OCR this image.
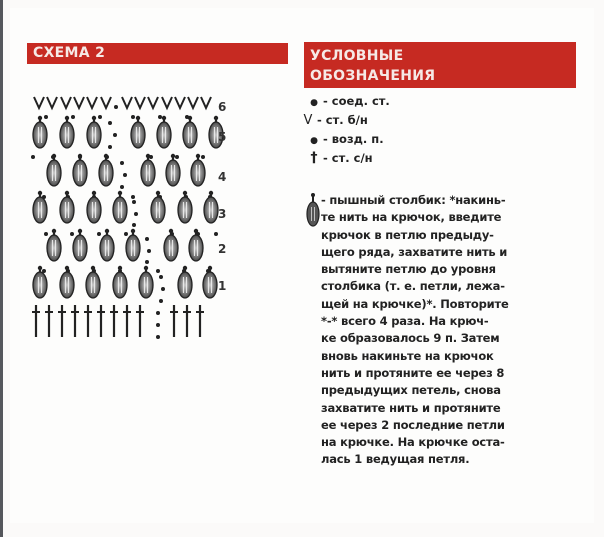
СХЕМА 2	УСЛОВНЫЕ
ОБОЗНАЧЕНИЯ
6
5
4
3
2
1
● - соед. ст.
V - ст. б/н
● - возд. п.
† - ст. с/н
- пышный столбик: *накинь-
те нить на крючок, введите
крючок в петлю предыду-
щего ряда, захватите нить и
вытяните петлю до уровня
столбика (т. е. петли, лежа-
щей на крючке)*. Повторите
*-* всего 4 раза. На крюч-
ке образовалось 9 п. Затем
вновь накиньте на крючок
нить и протяните ее через 8
предыдущих петель, снова
захватите нить и протяните
ее через 2 последние петли
на крючке. На крючке оста-
лась 1 ведущая петля.
